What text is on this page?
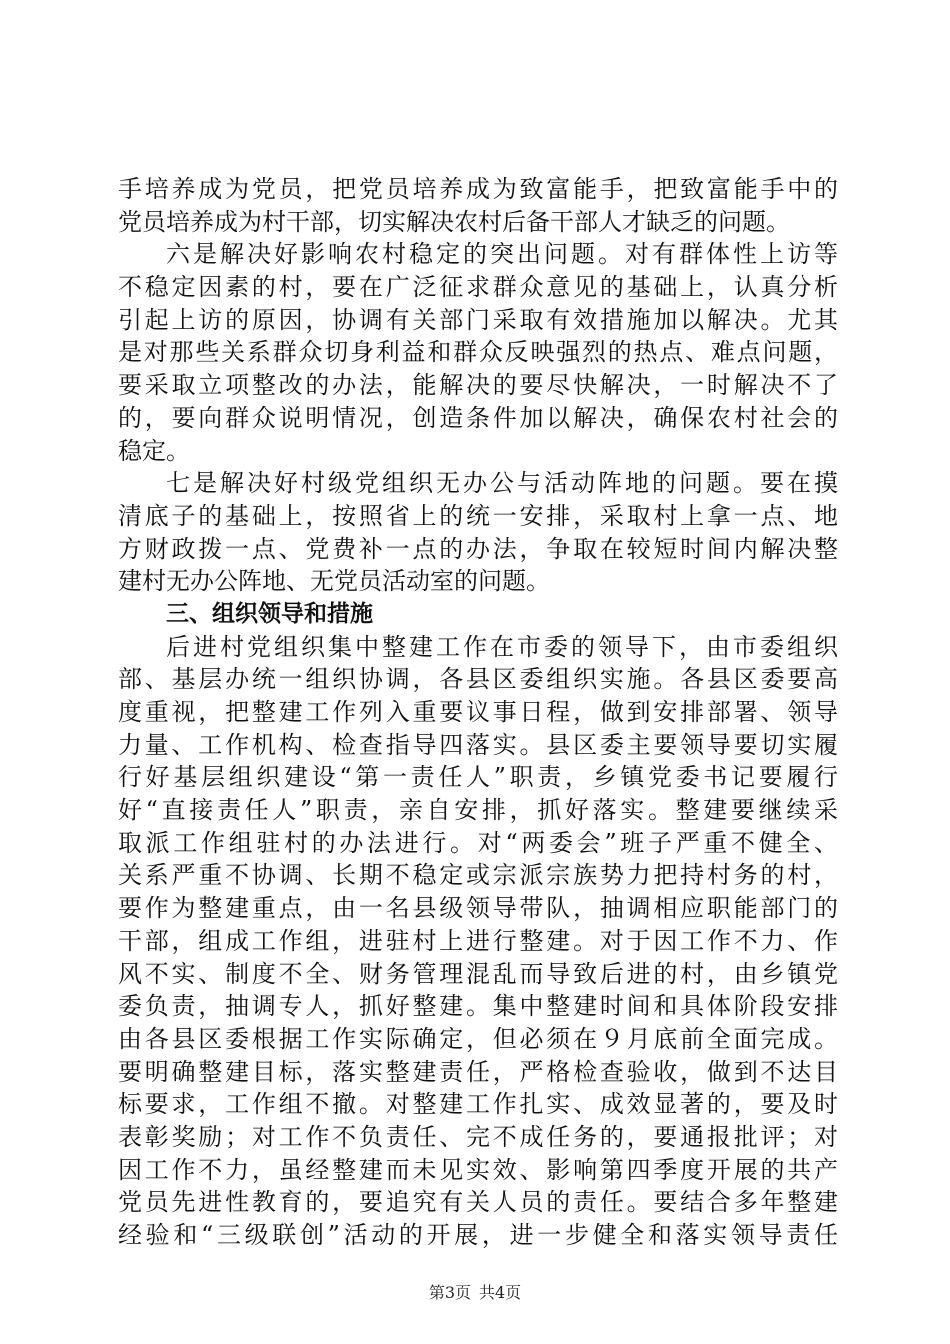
手培养成为党员，把党员培养成为致富能手，把致富能手中的
党员培养成为村干部，切实解决农村后备干部人才缺乏的问题。
六是解决好影响农村稳定的突出问题。对有群体性上访等
不稳定因素的村，要在广泛征求群众意见的基础上，认真分析
引起上访的原因，协调有关部门采取有效措施加以解决。尤其
是对那些关系群众切身利益和群众反映强烈的热点、难点问题，
要采取立项整改的办法，能解决的要尽快解决，一时解决不了
的，要向群众说明情况，创造条件加以解决，确保农村社会的
稳定。
七是解决好村级党组织无办公与活动阵地的问题。要在摸
清底子的基础上，按照省上的统一安排，采取村上拿一点、地
方财政拨一点、党费补一点的办法，争取在较短时间内解决整
建村无办公阵地、无党员活动室的问题。
三、组织领导和措施
后进村党组织集中整建工作在市委的领导下，由市委组织
部、基层办统一组织协调，各县区委组织实施。各县区委要高
度重视，把整建工作列入重要议事日程，做到安排部署、领导
力量、工作机构、检查指导四落实。县区委主要领导要切实履
行好基层组织建设“第一责任人”职责，乡镇党委书记要履行
好“直接责任人”职责，亲自安排，抓好落实。整建要继续采
取派工作组驻村的办法进行。对“两委会”班子严重不健全、
关系严重不协调、长期不稳定或宗派宗族势力把持村务的村，
要作为整建重点，由一名县级领导带队，抽调相应职能部门的
干部，组成工作组，进驻村上进行整建。对于因工作不力、作
风不实、制度不全、财务管理混乱而导致后进的村，由乡镇党
委负责，抽调专人，抓好整建。集中整建时间和具体阶段安排
由各县区委根据工作实际确定，但必须在９月底前全面完成。
要明确整建目标，落实整建责任，严格检查验收，做到不达目
标要求，工作组不撤。对整建工作扎实、成效显著的，要及时
表彰奖励；对工作不负责任、完不成任务的，要通报批评；对
因工作不力，虽经整建而未见实效、影响第四季度开展的共产
党员先进性教育的，要追究有关人员的责任。要结合多年整建
经验和“三级联创”活动的开展，进一步健全和落实领导责任
第3页 共4页
